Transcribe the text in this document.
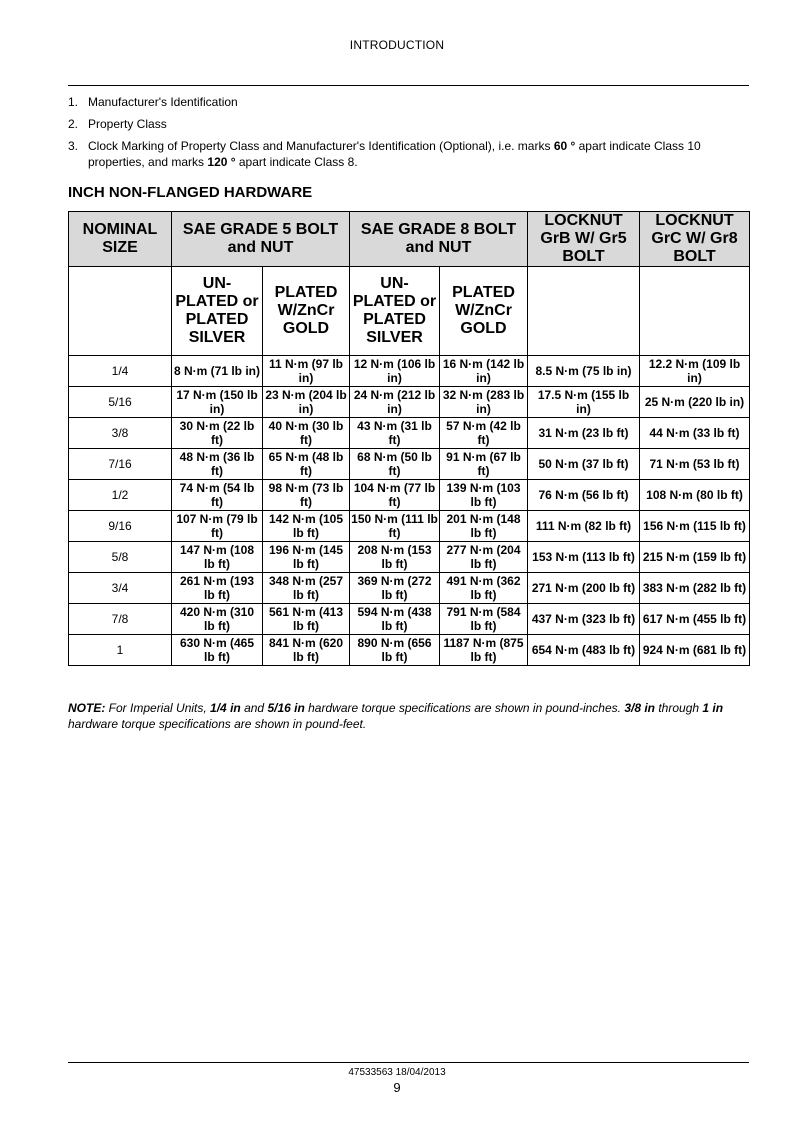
INTRODUCTION
1. Manufacturer's Identification
2. Property Class
3. Clock Marking of Property Class and Manufacturer's Identification (Optional), i.e. marks 60 ° apart indicate Class 10 properties, and marks 120 ° apart indicate Class 8.
INCH NON-FLANGED HARDWARE
NOMINAL SIZE	SAE GRADE 5 BOLT and NUT		SAE GRADE 8 BOLT and NUT		LOCKNUT GrB W/ Gr5 BOLT	LOCKNUT GrC W/ Gr8 BOLT
	UN-PLATED or PLATED SILVER	PLATED W/ZnCr GOLD	UN-PLATED or PLATED SILVER	PLATED W/ZnCr GOLD		
1/4	8 N·m (71 lb in)	11 N·m (97 lb in)	12 N·m (106 lb in)	16 N·m (142 lb in)	8.5 N·m (75 lb in)	12.2 N·m (109 lb in)
5/16	17 N·m (150 lb in)	23 N·m (204 lb in)	24 N·m (212 lb in)	32 N·m (283 lb in)	17.5 N·m (155 lb in)	25 N·m (220 lb in)
3/8	30 N·m (22 lb ft)	40 N·m (30 lb ft)	43 N·m (31 lb ft)	57 N·m (42 lb ft)	31 N·m (23 lb ft)	44 N·m (33 lb ft)
7/16	48 N·m (36 lb ft)	65 N·m (48 lb ft)	68 N·m (50 lb ft)	91 N·m (67 lb ft)	50 N·m (37 lb ft)	71 N·m (53 lb ft)
1/2	74 N·m (54 lb ft)	98 N·m (73 lb ft)	104 N·m (77 lb ft)	139 N·m (103 lb ft)	76 N·m (56 lb ft)	108 N·m (80 lb ft)
9/16	107 N·m (79 lb ft)	142 N·m (105 lb ft)	150 N·m (111 lb ft)	201 N·m (148 lb ft)	111 N·m (82 lb ft)	156 N·m (115 lb ft)
5/8	147 N·m (108 lb ft)	196 N·m (145 lb ft)	208 N·m (153 lb ft)	277 N·m (204 lb ft)	153 N·m (113 lb ft)	215 N·m (159 lb ft)
3/4	261 N·m (193 lb ft)	348 N·m (257 lb ft)	369 N·m (272 lb ft)	491 N·m (362 lb ft)	271 N·m (200 lb ft)	383 N·m (282 lb ft)
7/8	420 N·m (310 lb ft)	561 N·m (413 lb ft)	594 N·m (438 lb ft)	791 N·m (584 lb ft)	437 N·m (323 lb ft)	617 N·m (455 lb ft)
1	630 N·m (465 lb ft)	841 N·m (620 lb ft)	890 N·m (656 lb ft)	1187 N·m (875 lb ft)	654 N·m (483 lb ft)	924 N·m (681 lb ft)
NOTE: For Imperial Units, 1/4 in and 5/16 in hardware torque specifications are shown in pound-inches. 3/8 in through 1 in hardware torque specifications are shown in pound-feet.
47533563 18/04/2013
9
